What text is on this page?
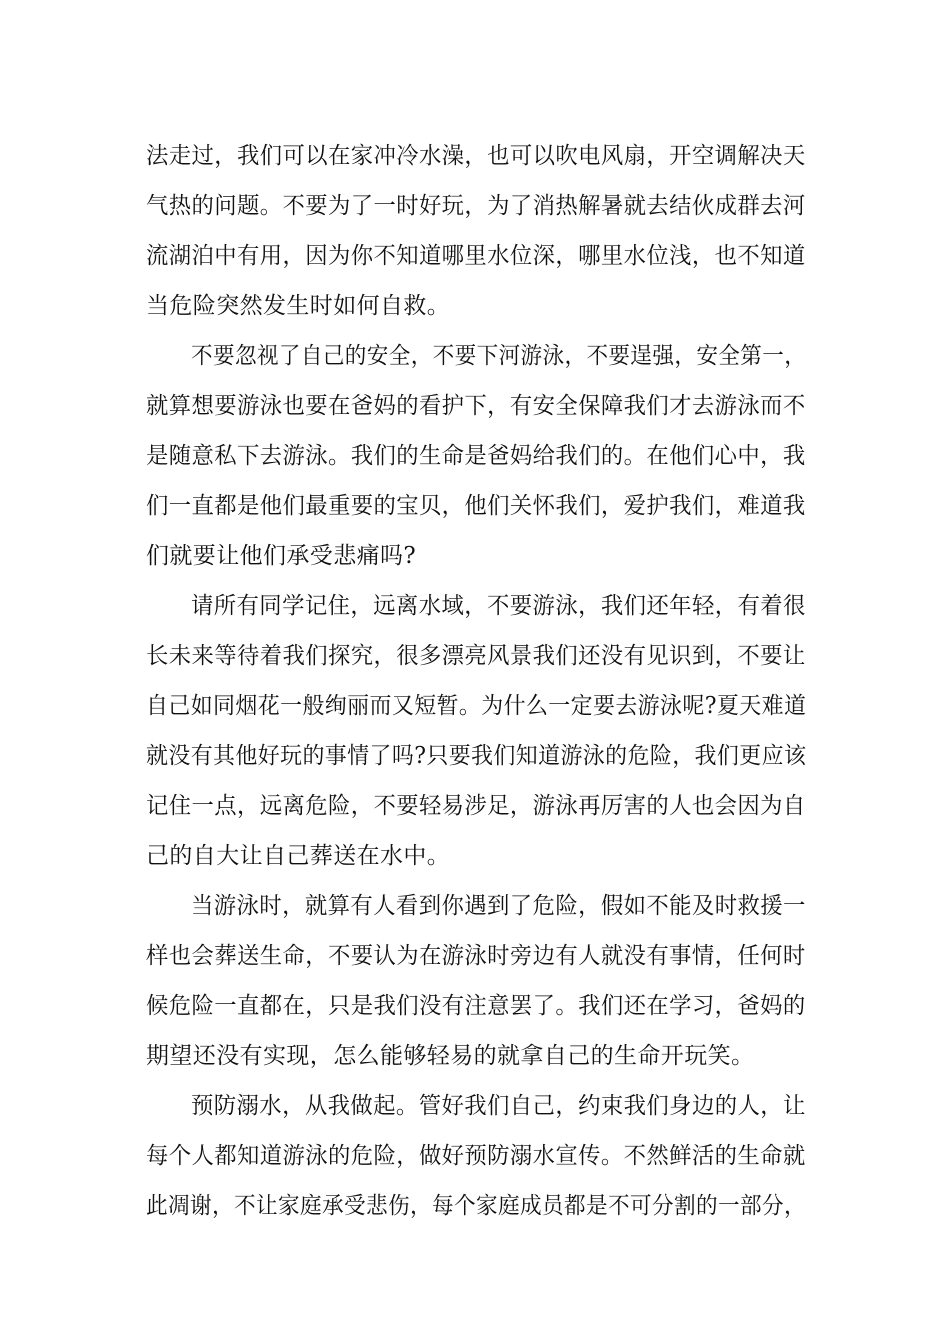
法走过，我们可以在家冲冷水澡，也可以吹电风扇，开空调解决天
气热的问题。不要为了一时好玩，为了消热解暑就去结伙成群去河
流湖泊中有用，因为你不知道哪里水位深，哪里水位浅，也不知道
当危险突然发生时如何自救。
不要忽视了自己的安全，不要下河游泳，不要逞强，安全第一，
就算想要游泳也要在爸妈的看护下，有安全保障我们才去游泳而不
是随意私下去游泳。我们的生命是爸妈给我们的。在他们心中，我
们一直都是他们最重要的宝贝，他们关怀我们，爱护我们，难道我
们就要让他们承受悲痛吗?
请所有同学记住，远离水域，不要游泳，我们还年轻，有着很
长未来等待着我们探究，很多漂亮风景我们还没有见识到，不要让
自己如同烟花一般绚丽而又短暂。为什么一定要去游泳呢?夏天难道
就没有其他好玩的事情了吗?只要我们知道游泳的危险，我们更应该
记住一点，远离危险，不要轻易涉足，游泳再厉害的人也会因为自
己的自大让自己葬送在水中。
当游泳时，就算有人看到你遇到了危险，假如不能及时救援一
样也会葬送生命，不要认为在游泳时旁边有人就没有事情，任何时
候危险一直都在，只是我们没有注意罢了。我们还在学习，爸妈的
期望还没有实现，怎么能够轻易的就拿自己的生命开玩笑。
预防溺水，从我做起。管好我们自己，约束我们身边的人，让
每个人都知道游泳的危险，做好预防溺水宣传。不然鲜活的生命就
此凋谢，不让家庭承受悲伤，每个家庭成员都是不可分割的一部分，
